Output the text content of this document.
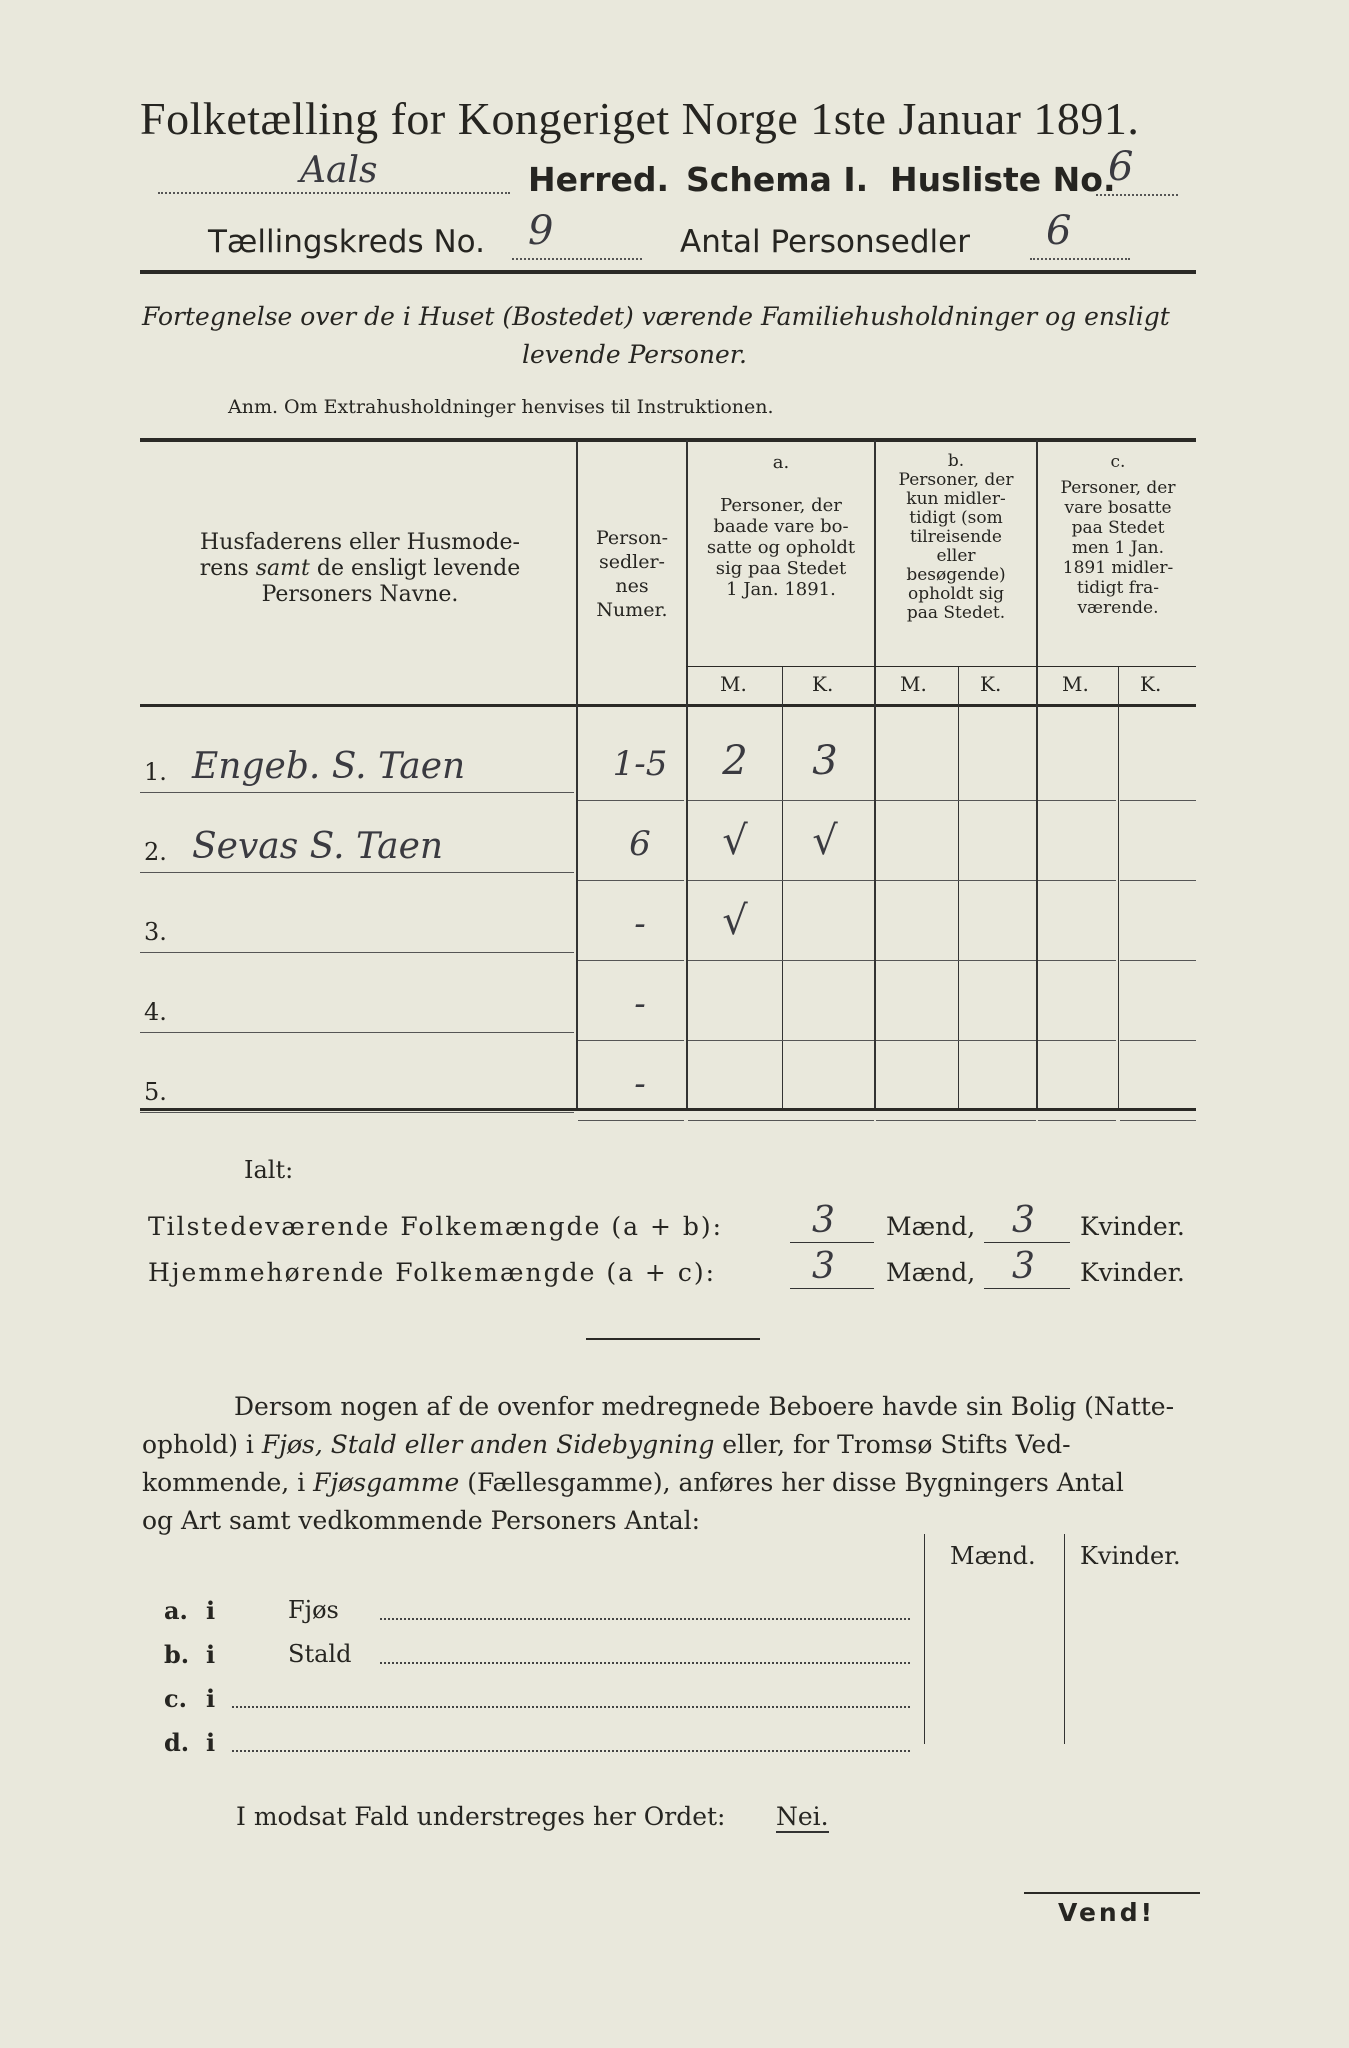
Folketælling for Kongeriget Norge 1ste Januar 1891.
Aals	Herred. Schema I. Husliste No.
6
Tællingskreds No. 9	Antal Personsedler 6
Fortegnelse over de i Huset (Bostedet) værende Familiehusholdninger og ensligt
levende Personer.
Anm. Om Extrahusholdninger henvises til Instruktionen.
Husfaderens eller Husmode-
rens samt de ensligt levende
Personers Navne.
Person-
sedler-
nes
Numer.
a.
Personer, der
baade vare bo-
satte og opholdt
sig paa Stedet
1 Jan. 1891.
b.
Personer, der
kun midler-
tidigt (som
tilreisende
eller
besøgende)
opholdt sig
paa Stedet.
c.
Personer, der
vare bosatte
paa Stedet
men 1 Jan.
1891 midler-
tidigt fra-
værende.
M.	K.	M.	K.	M.	K.
1. Engeb. S. Taen	1-5	2	3
2. Sevas S. Taen	6	√	√
3.	-	√
4.	-
5.	-
Ialt:
Tilstedeværende Folkemængde (a + b): 3 Mænd, 3 Kvinder.
Hjemmehørende Folkemængde (a + c):	3 Mænd, 3 Kvinder.
Dersom nogen af de ovenfor medregnede Beboere havde sin Bolig (Natte-
ophold) i Fjøs, Stald eller anden Sidebygning eller, for Tromsø Stifts Ved-
kommende, i Fjøsgamme (Fællesgamme), anføres her disse Bygningers Antal
og Art samt vedkommende Personers Antal:
Mænd. Kvinder.
a. i	Fjøs
b. i	Stald
c. i
d. i
I modsat Fald understreges her Ordet: Nei.
Vend!
